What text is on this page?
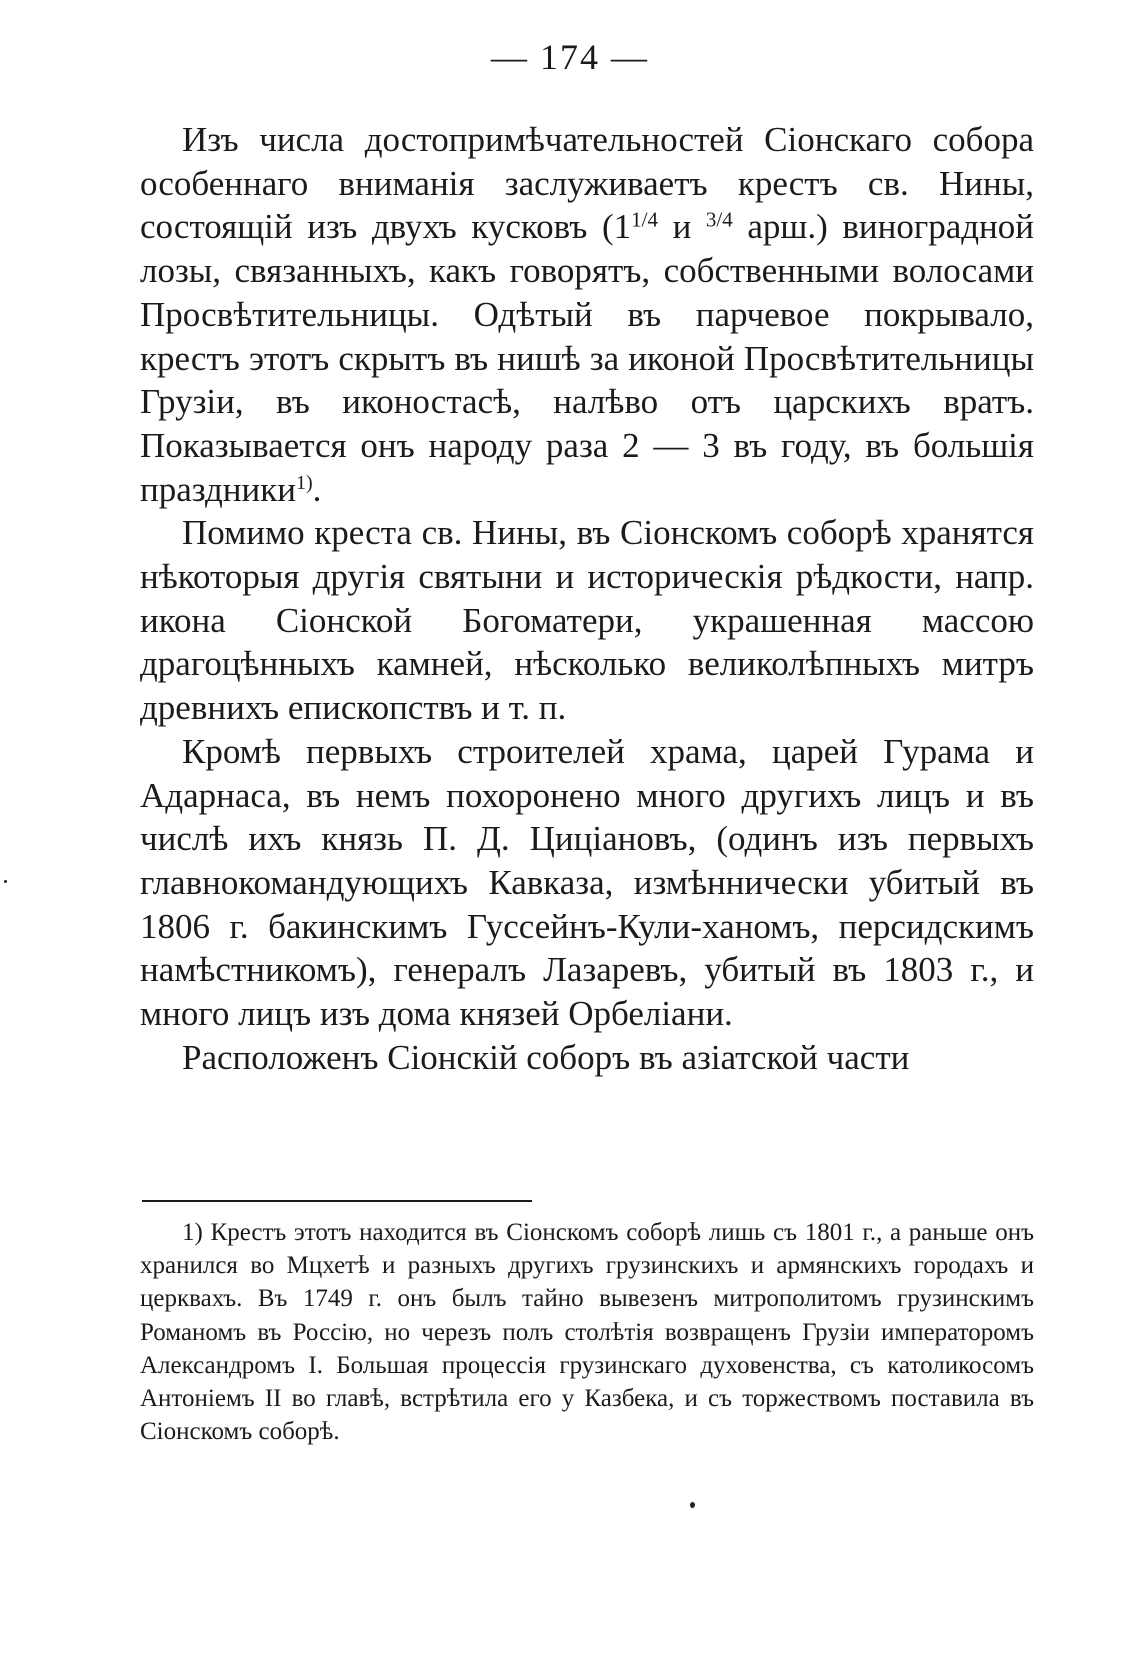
— 174 —

Изъ числа достопримѣчательностей Сіонскаго собора особеннаго вниманія заслуживаетъ крестъ св. Нины, состоящій изъ двухъ кусковъ ($1^{1/4}$ и $^{3/4}$ арш.) виноградной лозы, связанныхъ, какъ говорятъ, собственными волосами Просвѣтительницы. Одѣтый въ парчевое покрывало, крестъ этотъ скрытъ въ нишѣ за иконой Просвѣтительницы Грузіи, въ иконостасѣ, налѣво отъ царскихъ вратъ. Показывается онъ народу раза 2 — 3 въ году, въ большія праздники$^{1)}$.

Помимо креста св. Нины, въ Сіонскомъ соборѣ хранятся нѣкоторыя другія святыни и историческія рѣдкости, напр. икона Сіонской Богоматери, украшенная массою драгоцѣнныхъ камней, нѣсколько великолѣпныхъ митръ древнихъ епископствъ и т. п.

Кромѣ первыхъ строителей храма, царей Гурама и Адарнаса, въ немъ похоронено много другихъ лицъ и въ числѣ ихъ князь П. Д. Цицiановъ, (одинъ изъ первыхъ главнокомандующихъ Кавказа, измѣннически убитый въ 1806 г. бакинскимъ Гуссейнъ-Кули-ханомъ, персидскимъ намѣстникомъ), генералъ Лазаревъ, убитый въ 1803 г., и много лицъ изъ дома князей Орбеліани.

Расположенъ Сіонскій соборъ въ азіатской части

1) Крестъ этотъ находится въ Сіонскомъ соборѣ лишь съ 1801 г., а раньше онъ хранился во Мцхетѣ и разныхъ другихъ грузинскихъ и армянскихъ городахъ и церквахъ. Въ 1749 г. онъ былъ тайно вывезенъ митрополитомъ грузинскимъ Романомъ въ Россію, но черезъ полъ столѣтія возвращенъ Грузіи императоромъ Александромъ I. Большая процессія грузинскаго духовенства, съ католикосомъ Антоніемъ II во главѣ, встрѣтила его у Казбека, и съ торжествомъ поставила въ Сіонскомъ соборѣ.
